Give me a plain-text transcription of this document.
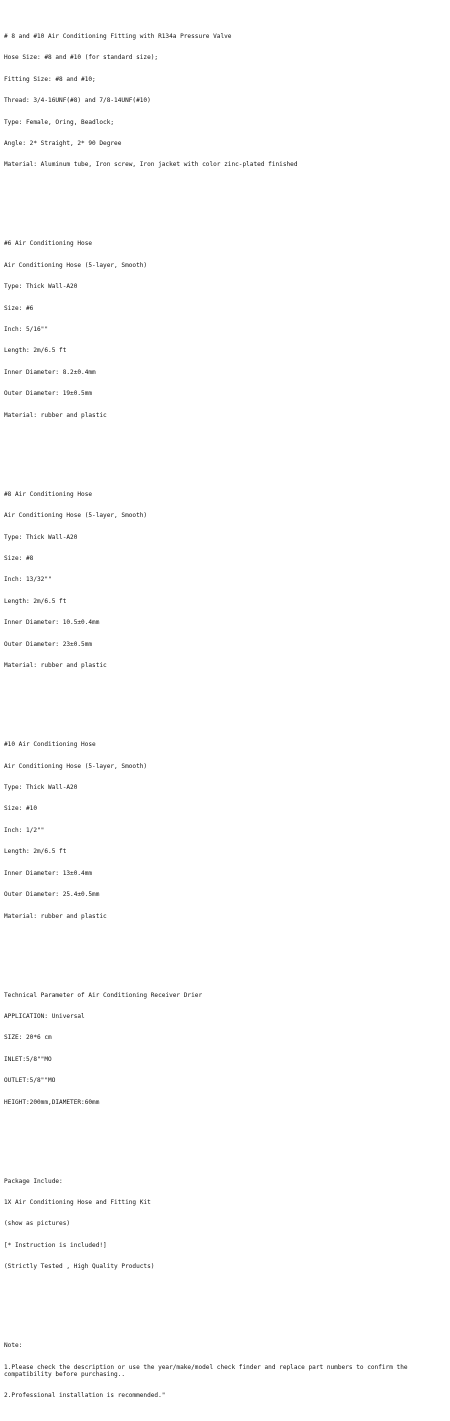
# 8 and #10 Air Conditioning Fitting with R134a Pressure Valve

Hose Size: #8 and #10 (for standard size);

Fitting Size: #8 and #10;

Thread: 3/4-16UNF(#8) and 7/8-14UNF(#10)

Type: Female, Oring, Beadlock;

Angle: 2* Straight, 2* 90 Degree

Material: Aluminum tube, Iron screw, Iron jacket with color zinc-plated finished

#6 Air Conditioning Hose

Air Conditioning Hose (5-layer, Smooth)

Type: Thick Wall-A20

Size: #6

Inch: 5/16""

Length: 2m/6.5 ft

Inner Diameter: 8.2±0.4mm

Outer Diameter: 19±0.5mm

Material: rubber and plastic

#8 Air Conditioning Hose

Air Conditioning Hose (5-layer, Smooth)

Type: Thick Wall-A20

Size: #8

Inch: 13/32""

Length: 2m/6.5 ft

Inner Diameter: 10.5±0.4mm

Outer Diameter: 23±0.5mm

Material: rubber and plastic

#10 Air Conditioning Hose

Air Conditioning Hose (5-layer, Smooth)

Type: Thick Wall-A20

Size: #10

Inch: 1/2""

Length: 2m/6.5 ft

Inner Diameter: 13±0.4mm

Outer Diameter: 25.4±0.5mm

Material: rubber and plastic

Technical Parameter of Air Conditioning Receiver Drier

APPLICATION: Universal

SIZE: 20*6 cm

INLET:5/8""MO

OUTLET:5/8""MO

HEIGHT:200mm,DIAMETER:60mm

Package Include:

1X Air Conditioning Hose and Fitting Kit

(show as pictures)

[* Instruction is included!]

(Strictly Tested , High Quality Products)

Note:

1.Please check the description or use the year/make/model check finder and replace part numbers to confirm the compatibility before purchasing..

2.Professional installation is recommended."
